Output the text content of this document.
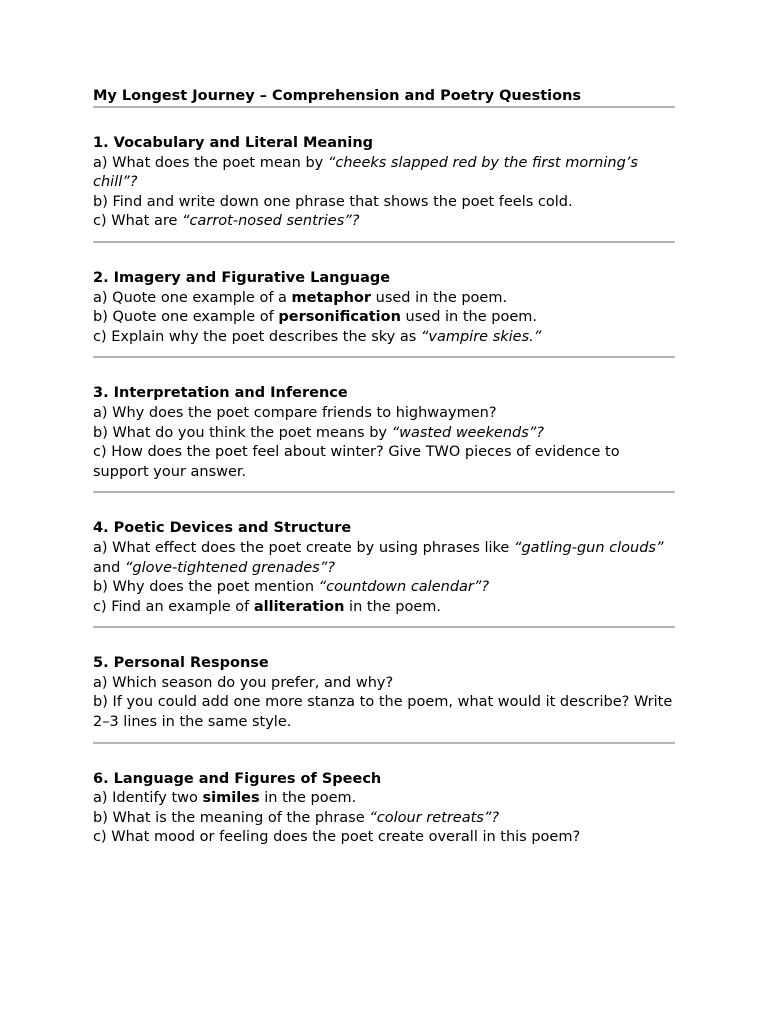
My Longest Journey – Comprehension and Poetry Questions
1. Vocabulary and Literal Meaning
a) What does the poet mean by “cheeks slapped red by the first morning’s chill”?
b) Find and write down one phrase that shows the poet feels cold.
c) What are “carrot-nosed sentries”?
2. Imagery and Figurative Language
a) Quote one example of a metaphor used in the poem.
b) Quote one example of personification used in the poem.
c) Explain why the poet describes the sky as “vampire skies.”
3. Interpretation and Inference
a) Why does the poet compare friends to highwaymen?
b) What do you think the poet means by “wasted weekends”?
c) How does the poet feel about winter? Give TWO pieces of evidence to support your answer.
4. Poetic Devices and Structure
a) What effect does the poet create by using phrases like “gatling-gun clouds” and “glove-tightened grenades”?
b) Why does the poet mention “countdown calendar”?
c) Find an example of alliteration in the poem.
5. Personal Response
a) Which season do you prefer, and why?
b) If you could add one more stanza to the poem, what would it describe? Write 2–3 lines in the same style.
6. Language and Figures of Speech
a) Identify two similes in the poem.
b) What is the meaning of the phrase “colour retreats”?
c) What mood or feeling does the poet create overall in this poem?
